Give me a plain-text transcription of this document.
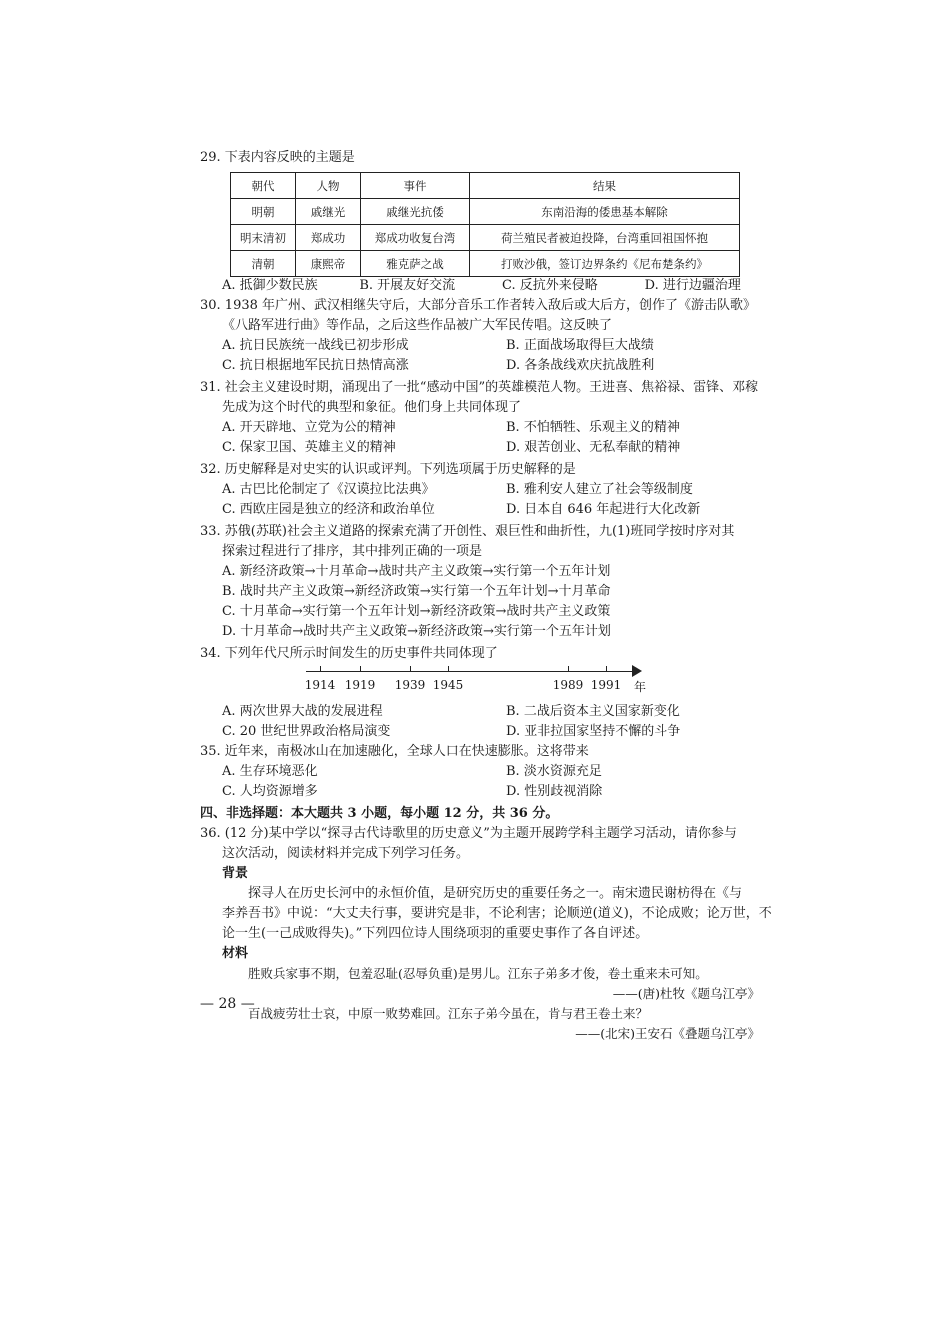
29. 下表内容反映的主题是
朝代	人物	事件	结果
明朝	戚继光	戚继光抗倭	东南沿海的倭患基本解除
明末清初	郑成功	郑成功收复台湾	荷兰殖民者被迫投降，台湾重回祖国怀抱
清朝	康熙帝	雅克萨之战	打败沙俄，签订边界条约《尼布楚条约》
A. 抵御少数民族	B. 开展友好交流	C. 反抗外来侵略	D. 进行边疆治理
30. 1938 年广州、武汉相继失守后，大部分音乐工作者转入敌后或大后方，创作了《游击队歌》
《八路军进行曲》等作品，之后这些作品被广大军民传唱。这反映了
A. 抗日民族统一战线已初步形成	B. 正面战场取得巨大战绩
C. 抗日根据地军民抗日热情高涨	D. 各条战线欢庆抗战胜利
31. 社会主义建设时期，涌现出了一批“感动中国”的英雄模范人物。王进喜、焦裕禄、雷锋、邓稼
先成为这个时代的典型和象征。他们身上共同体现了
A. 开天辟地、立党为公的精神	B. 不怕牺牲、乐观主义的精神
C. 保家卫国、英雄主义的精神	D. 艰苦创业、无私奉献的精神
32. 历史解释是对史实的认识或评判。下列选项属于历史解释的是
A. 古巴比伦制定了《汉谟拉比法典》	B. 雅利安人建立了社会等级制度
C. 西欧庄园是独立的经济和政治单位	D. 日本自 646 年起进行大化改新
33. 苏俄(苏联)社会主义道路的探索充满了开创性、艰巨性和曲折性，九(1)班同学按时序对其
探索过程进行了排序，其中排列正确的一项是
A. 新经济政策→十月革命→战时共产主义政策→实行第一个五年计划
B. 战时共产主义政策→新经济政策→实行第一个五年计划→十月革命
C. 十月革命→实行第一个五年计划→新经济政策→战时共产主义政策
D. 十月革命→战时共产主义政策→新经济政策→实行第一个五年计划
34. 下列年代尺所示时间发生的历史事件共同体现了
1914 1919 1939 1945	1989 1991 年
A. 两次世界大战的发展进程	B. 二战后资本主义国家新变化
C. 20 世纪世界政治格局演变	D. 亚非拉国家坚持不懈的斗争
35. 近年来，南极冰山在加速融化，全球人口在快速膨胀。这将带来
A. 生存环境恶化	B. 淡水资源充足
C. 人均资源增多	D. 性别歧视消除
四、非选择题：本大题共 3 小题，每小题 12 分，共 36 分。
36. (12 分)某中学以“探寻古代诗歌里的历史意义”为主题开展跨学科主题学习活动，请你参与
这次活动，阅读材料并完成下列学习任务。
背景
探寻人在历史长河中的永恒价值，是研究历史的重要任务之一。南宋遗民谢枋得在《与
李养吾书》中说：“大丈夫行事，要讲究是非，不论利害；论顺逆(道义)，不论成败；论万世，不
论一生(一己成败得失)。”下列四位诗人围绕项羽的重要史事作了各自评述。
材料
胜败兵家事不期，包羞忍耻(忍辱负重)是男儿。江东子弟多才俊，卷土重来未可知。
——(唐)杜牧《题乌江亭》
百战疲劳壮士哀，中原一败势难回。江东子弟今虽在，肯与君王卷土来？
——(北宋)王安石《叠题乌江亭》
— 28 —
